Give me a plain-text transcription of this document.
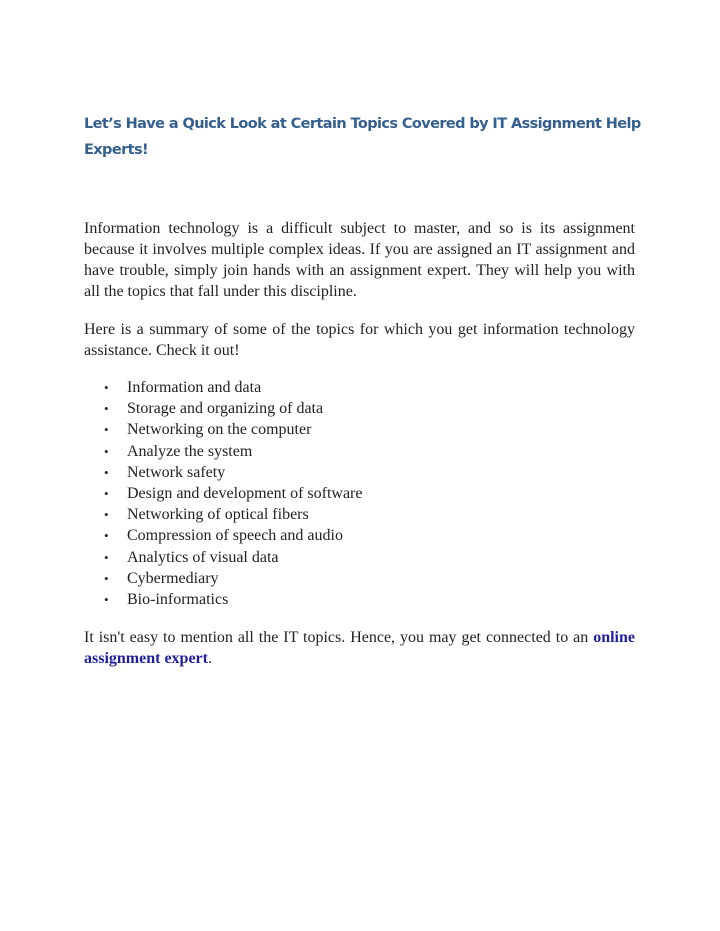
Let’s Have a Quick Look at Certain Topics Covered by IT Assignment Help Experts!

Information technology is a difficult subject to master, and so is its assignment because it involves multiple complex ideas. If you are assigned an IT assignment and have trouble, simply join hands with an assignment expert. They will help you with all the topics that fall under this discipline.

Here is a summary of some of the topics for which you get information technology assistance. Check it out!

• Information and data
• Storage and organizing of data
• Networking on the computer
• Analyze the system
• Network safety
• Design and development of software
• Networking of optical fibers
• Compression of speech and audio
• Analytics of visual data
• Cybermediary
• Bio-informatics

It isn't easy to mention all the IT topics. Hence, you may get connected to an online assignment expert.
